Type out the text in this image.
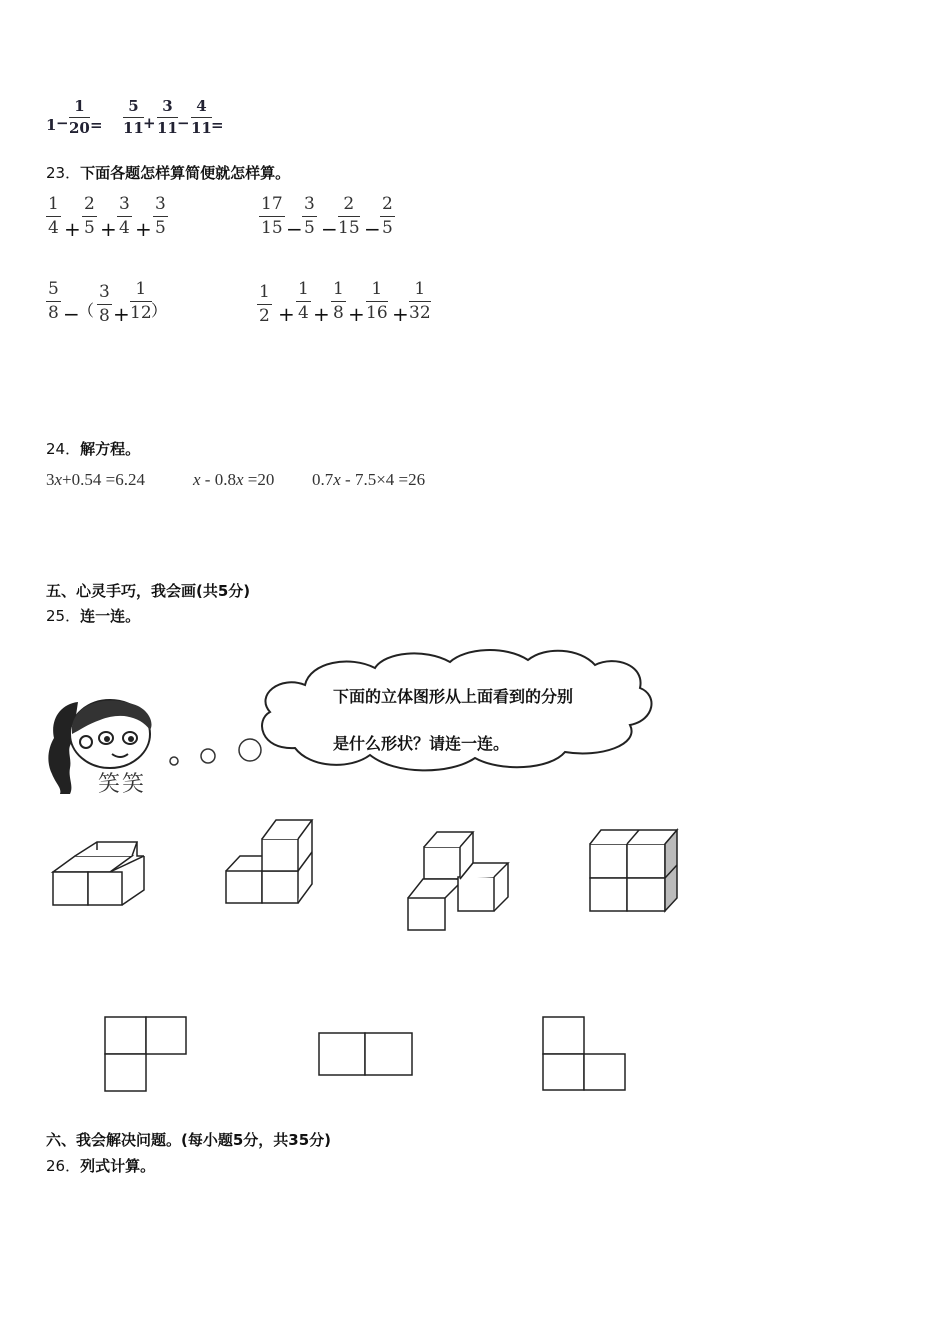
$1 - \frac{1}{20} = \frac{5}{11} + \frac{3}{11} - \frac{4}{11}$ =
23．下面各题怎样算简便就怎样算。
$\frac{1}{4} + \frac{2}{5} + \frac{3}{4} + \frac{3}{5}$	$\frac{17}{15} - \frac{3}{5} - \frac{2}{15} - \frac{2}{5}$
$\frac{5}{8}$ −
（ $\frac{3}{8} + \frac{1}{12}$ ）	$\frac{1}{2} + \frac{1}{4} + \frac{1}{8} + \frac{1}{16} + \frac{1}{32}$
24．解方程。
3x+0.54 =6.24	x - 0.8x =20 0.7x - 7.5×4 =26
五、心灵手巧，我会画(共5分)
25．连一连。
笑笑
下面的立体图形从上面看到的分别
是什么形状？请连一连。
六、我会解决问题。(每小题5分，共35分)
26．列式计算。
